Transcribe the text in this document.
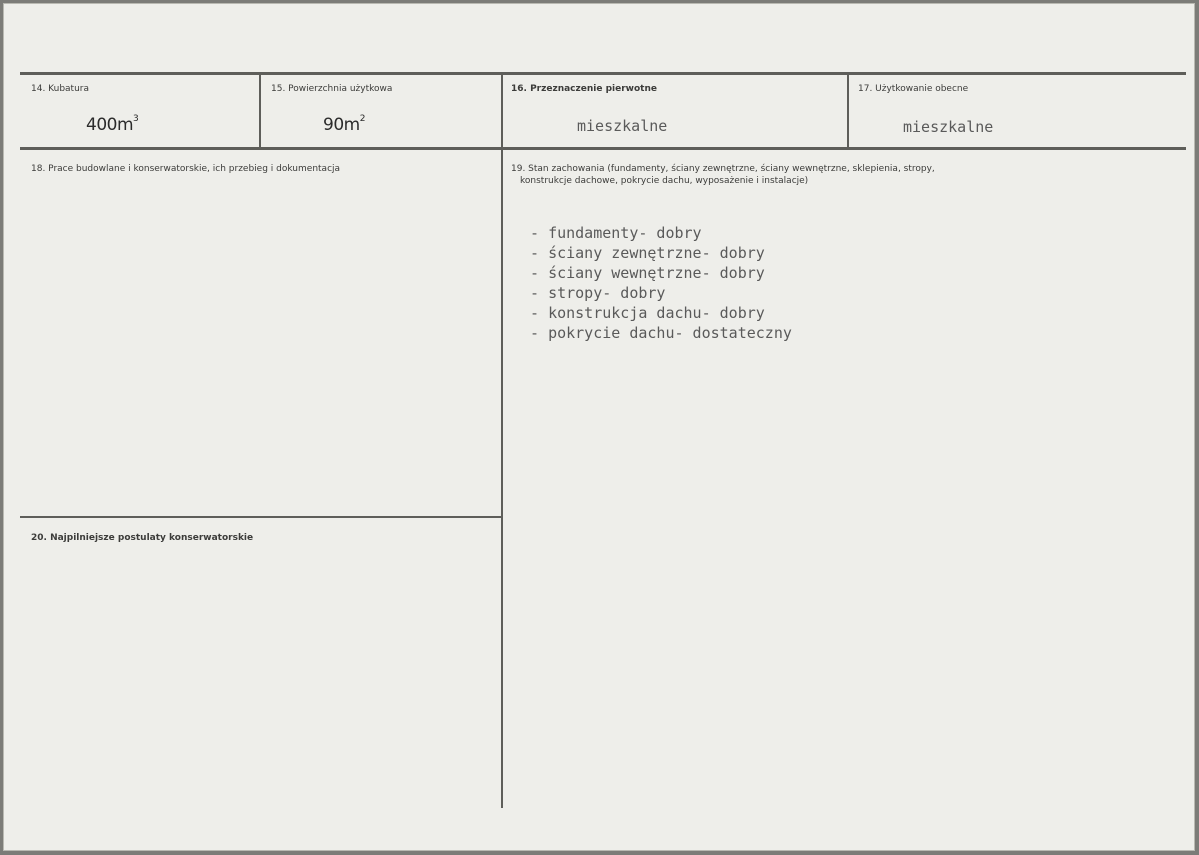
14. Kubatura	15. Powierzchnia użytkowa	16. Przeznaczenie pierwotne	17. Użytkowanie obecne
$400m^3$	$90m^2$	mieszkalne	mieszkalne
18. Prace budowlane i konserwatorskie, ich przebieg i dokumentacja	19. Stan zachowania (fundamenty, ściany zewnętrzne, ściany wewnętrzne, sklepienia, stropy,
konstrukcje dachowe, pokrycie dachu, wyposażenie i instalacje)
- fundamenty- dobry
- ściany zewnętrzne- dobry
- ściany wewnętrzne- dobry
- stropy- dobry
- konstrukcja dachu- dobry
- pokrycie dachu- dostateczny
20. Najpilniejsze postulaty konserwatorskie
